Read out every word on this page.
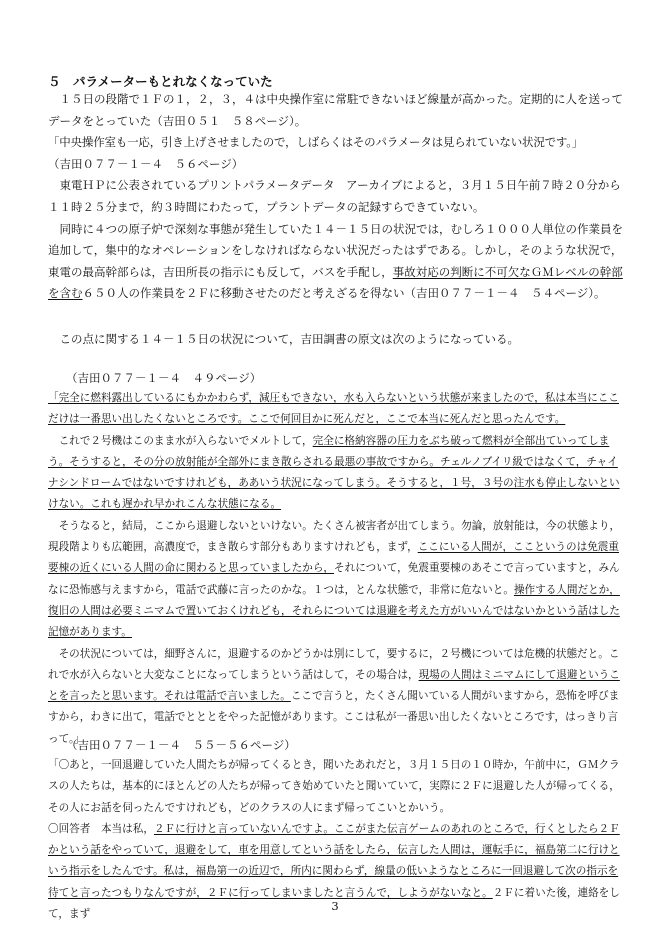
５　パラメーターもとれなくなっていた

１５日の段階で１Ｆの１，２，３，４は中央操作室に常駐できないほど線量が高かった。定期的に人を送ってデータをとっていた（吉田０５１　５８ページ）。

「中央操作室も一応，引き上げさせましたので，しばらくはそのパラメータは見られていない状況です。」

（吉田０７７－１－４　５６ページ）

東電ＨＰに公表されているプリントパラメータデータ　アーカイブによると，３月１５日午前７時２０分から１１時２５分まで，約３時間にわたって，プラントデータの記録すらできていない。

同時に４つの原子炉で深刻な事態が発生していた１４－１５日の状況では，むしろ１０００人単位の作業員を追加して，集中的なオペレーションをしなければならない状況だったはずである。しかし，そのような状況で，東電の最高幹部らは，吉田所長の指示にも反して，バスを手配し，事故対応の判断に不可欠なＧＭレベルの幹部を含む６５０人の作業員を２Ｆに移動させたのだと考えざるを得ない（吉田０７７－１－４　５４ページ）。

この点に関する１４－１５日の状況について，吉田調書の原文は次のようになっている。

（吉田０７７－１－４　４９ページ）

「完全に燃料露出しているにもかかわらず，減圧もできない，水も入らないという状態が来ましたので，私は本当にここだけは一番思い出したくないところです。ここで何回目かに死んだと，ここで本当に死んだと思ったんです。

これで２号機はこのまま水が入らないでメルトして，完全に格納容器の圧力をぶち破って燃料が全部出ていってしまう。そうすると，その分の放射能が全部外にまき散らされる最悪の事故ですから。チェルノブイリ級ではなくて，チャイナシンドロームではないですけれども，ああいう状況になってしまう。そうすると，１号，３号の注水も停止しないといけない。これも遅かれ早かれこんな状態になる。

そうなると，結局，ここから退避しないといけない。たくさん被害者が出てしまう。勿論，放射能は，今の状態より，現段階よりも広範囲，高濃度で，まき散らす部分もありますけれども，まず，ここにいる人間が，ここというのは免震重要棟の近くにいる人間の命に関わると思っていましたから，それについて，免震重要棟のあそこで言っていますと，みんなに恐怖感与えますから，電話で武藤に言ったのかな。１つは，とんな状態で，非常に危ないと。操作する人間だとか，復旧の人間は必要ミニマムで置いておくけれども，それらについては退避を考えた方がいいんではないかという話はした記憶があります。

その状況については，細野さんに，退避するのかどうかは別にして，要するに，２号機については危機的状態だと。これで水が入らないと大変なことになってしまうという話はして，その場合は，現場の人間はミニマムにして退避ということを言ったと思います。それは電話で言いました。ここで言うと，たくさん聞いている人間がいますから，恐怖を呼びますから，わきに出て，電話でとととをやった記憶があります。ここは私が一番思い出したくないところです，はっきり言って。」

（吉田０７７－１－４　５５－５６ページ）

「〇あと，一回退避していた人間たちが帰ってくるとき，聞いたあれだと，３月１５日の１０時か，午前中に，ＧＭクラスの人たちは，基本的にほとんどの人たちが帰ってき始めていたと聞いていて，実際に２Ｆに退避した人が帰ってくる，その人にお話を伺ったんですけれども，どのクラスの人にまず帰ってこいとかいう。

〇回答者　本当は私，２Ｆに行けと言っていないんですよ。ここがまた伝言ゲームのあれのところで，行くとしたら２Ｆかという話をやっていて，退避をして，車を用意してという話をしたら，伝言した人間は，運転手に，福島第二に行けという指示をしたんです。私は，福島第一の近辺で，所内に関わらず，線量の低いようなところに一回退避して次の指示を待てと言ったつもりなんですが，２Ｆに行ってしまいましたと言うんで，しようがないなと。２Ｆに着いた後，連絡をして，まず

3
